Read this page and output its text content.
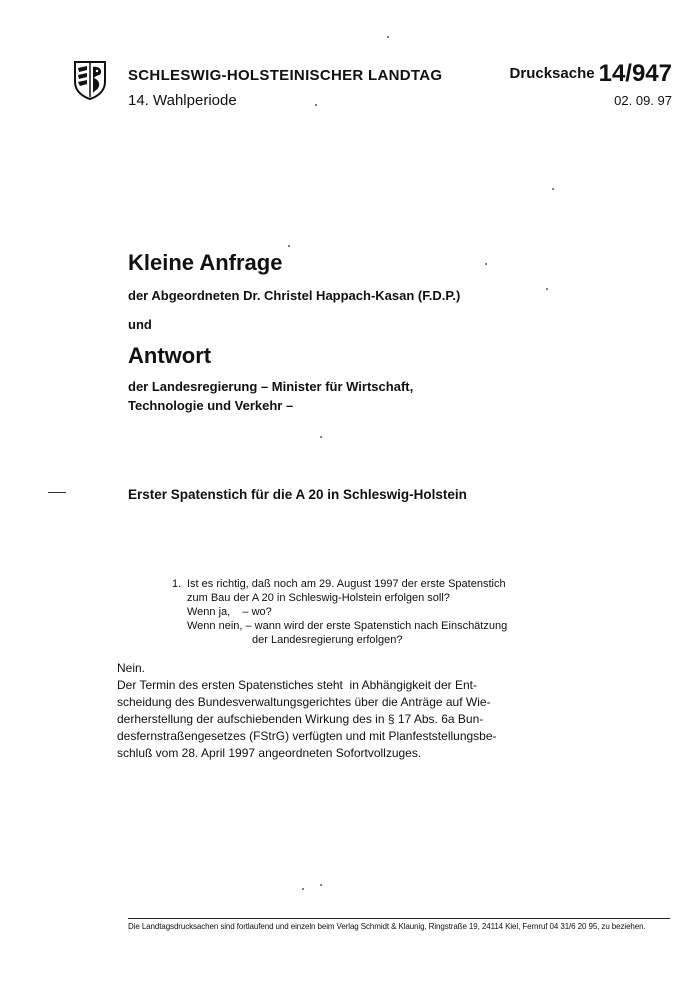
SCHLESWIG-HOLSTEINISCHER LANDTAG
14. Wahlperiode
Drucksache 14/947
02. 09. 97
Kleine Anfrage
der Abgeordneten Dr. Christel Happach-Kasan (F.D.P.)
und
Antwort
der Landesregierung – Minister für Wirtschaft,
Technologie und Verkehr –
Erster Spatenstich für die A 20 in Schleswig-Holstein
1. Ist es richtig, daß noch am 29. August 1997 der erste Spatenstich
zum Bau der A 20 in Schleswig-Holstein erfolgen soll?
Wenn ja,    – wo?
Wenn nein, – wann wird der erste Spatenstich nach Einschätzung
der Landesregierung erfolgen?
Nein.
Der Termin des ersten Spatenstiches steht  in Abhängigkeit der Ent-
scheidung des Bundesverwaltungsgerichtes über die Anträge auf Wie-
derherstellung der aufschiebenden Wirkung des in § 17 Abs. 6a Bun-
desfernstraßengesetzes (FStrG) verfügten und mit Planfeststellungsbe-
schluß vom 28. April 1997 angeordneten Sofortvollzuges.
Die Landtagsdrucksachen sind fortlaufend und einzeln beim Verlag Schmidt & Klaunig, Ringstraße 19, 24114 Kiel, Fernruf 04 31/6 20 95, zu beziehen.
